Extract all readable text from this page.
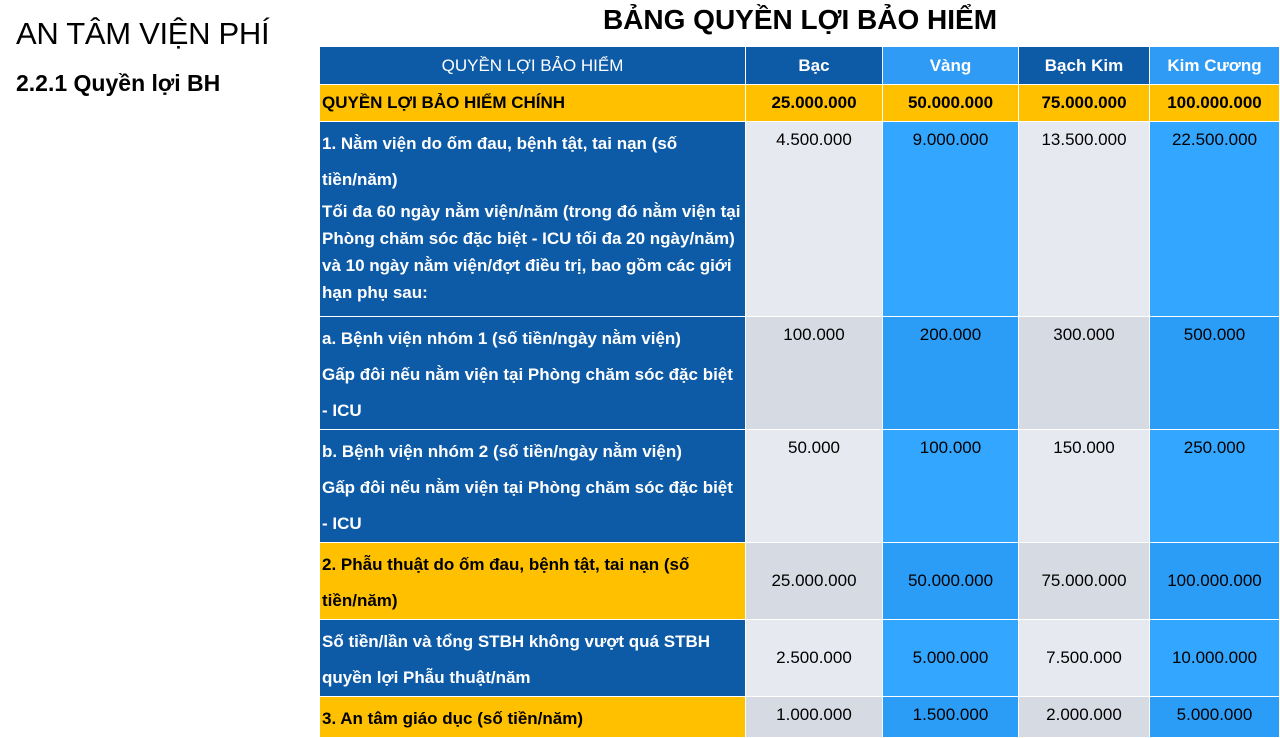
AN TÂM VIỆN PHÍ
2.2.1 Quyền lợi BH
BẢNG QUYỀN LỢI BẢO HIỂM
QUYỀN LỢI BẢO HIỂM	Bạc	Vàng	Bạch Kim	Kim Cương
QUYỀN LỢI BẢO HIỂM CHÍNH	25.000.000	50.000.000	75.000.000	100.000.000
1. Nằm viện do ốm đau, bệnh tật, tai nạn (số tiền/năm)
Tối đa 60 ngày nằm viện/năm (trong đó nằm viện tại Phòng chăm sóc đặc biệt - ICU tối đa 20 ngày/năm) và 10 ngày nằm viện/đợt điều trị, bao gồm các giới hạn phụ sau:	4.500.000	9.000.000	13.500.000	22.500.000
a. Bệnh viện nhóm 1 (số tiền/ngày nằm viện)
Gấp đôi nếu nằm viện tại Phòng chăm sóc đặc biệt - ICU	100.000	200.000	300.000	500.000
b. Bệnh viện nhóm 2 (số tiền/ngày nằm viện)
Gấp đôi nếu nằm viện tại Phòng chăm sóc đặc biệt - ICU	50.000	100.000	150.000	250.000
2. Phẫu thuật do ốm đau, bệnh tật, tai nạn (số tiền/năm)	25.000.000	50.000.000	75.000.000	100.000.000
Số tiền/lần và tổng STBH không vượt quá STBH quyền lợi Phẫu thuật/năm	2.500.000	5.000.000	7.500.000	10.000.000
3. An tâm giáo dục (số tiền/năm)	1.000.000	1.500.000	2.000.000	5.000.000
